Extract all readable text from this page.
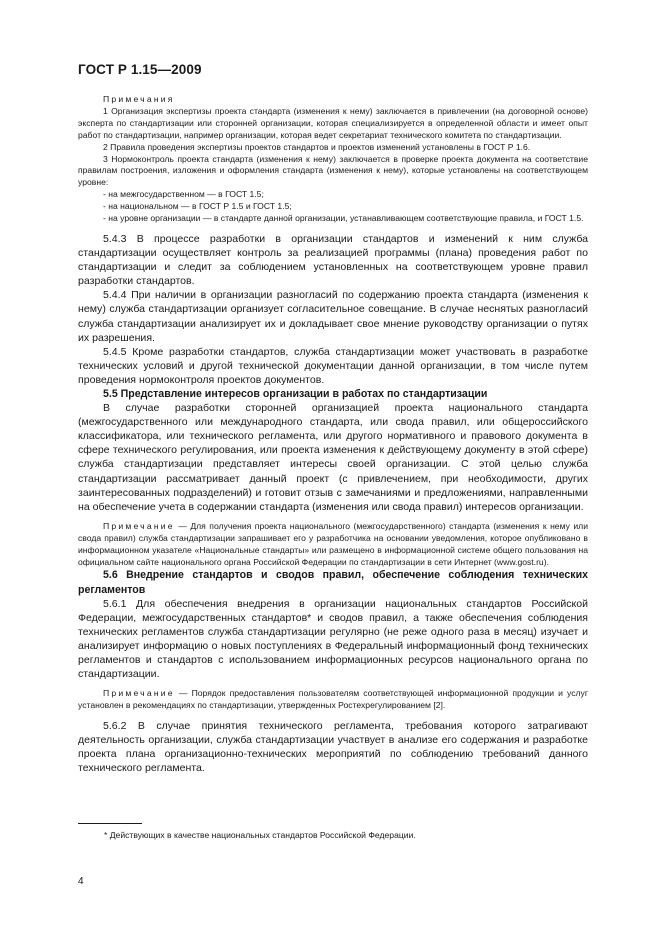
ГОСТ Р 1.15—2009

Примечания

1 Организация экспертизы проекта стандарта (изменения к нему) заключается в привлечении (на договорной основе) эксперта по стандартизации или сторонней организации, которая специализируется в определенной области и имеет опыт работ по стандартизации, например организации, которая ведет секретариат технического комитета по стандартизации.

2 Правила проведения экспертизы проектов стандартов и проектов изменений установлены в ГОСТ Р 1.6.

3 Нормоконтроль проекта стандарта (изменения к нему) заключается в проверке проекта документа на соответствие правилам построения, изложения и оформления стандарта (изменения к нему), которые установлены на соответствующем уровне:

- на межгосударственном — в ГОСТ 1.5;

- на национальном — в ГОСТ Р 1.5 и ГОСТ 1.5;

- на уровне организации — в стандарте данной организации, устанавливающем соответствующие правила, и ГОСТ 1.5.

5.4.3 В процессе разработки в организации стандартов и изменений к ним служба стандартизации осуществляет контроль за реализацией программы (плана) проведения работ по стандартизации и следит за соблюдением установленных на соответствующем уровне правил разработки стандартов.

5.4.4 При наличии в организации разногласий по содержанию проекта стандарта (изменения к нему) служба стандартизации организует согласительное совещание. В случае неснятых разногласий служба стандартизации анализирует их и докладывает свое мнение руководству организации о путях их разрешения.

5.4.5 Кроме разработки стандартов, служба стандартизации может участвовать в разработке технических условий и другой технической документации данной организации, в том числе путем проведения нормоконтроля проектов документов.

5.5 Представление интересов организации в работах по стандартизации

В случае разработки сторонней организацией проекта национального стандарта (межгосударственного или международного стандарта, или свода правил, или общероссийского классификатора, или технического регламента, или другого нормативного и правового документа в сфере технического регулирования, или проекта изменения к действующему документу в этой сфере) служба стандартизации представляет интересы своей организации. С этой целью служба стандартизации рассматривает данный проект (с привлечением, при необходимости, других заинтересованных подразделений) и готовит отзыв с замечаниями и предложениями, направленными на обеспечение учета в содержании стандарта (изменения или свода правил) интересов организации.

Примечание — Для получения проекта национального (межгосударственного) стандарта (изменения к нему или свода правил) служба стандартизации запрашивает его у разработчика на основании уведомления, которое опубликовано в информационном указателе «Национальные стандарты» или размещено в информационной системе общего пользования на официальном сайте национального органа Российской Федерации по стандартизации в сети Интернет (www.gost.ru).

5.6 Внедрение стандартов и сводов правил, обеспечение соблюдения технических регламентов

5.6.1 Для обеспечения внедрения в организации национальных стандартов Российской Федерации, межгосударственных стандартов* и сводов правил, а также обеспечения соблюдения технических регламентов служба стандартизации регулярно (не реже одного раза в месяц) изучает и анализирует информацию о новых поступлениях в Федеральный информационный фонд технических регламентов и стандартов с использованием информационных ресурсов национального органа по стандартизации.

Примечание — Порядок предоставления пользователям соответствующей информационной продукции и услуг установлен в рекомендациях по стандартизации, утвержденных Ростехрегулированием [2].

5.6.2 В случае принятия технического регламента, требования которого затрагивают деятельность организации, служба стандартизации участвует в анализе его содержания и разработке проекта плана организационно-технических мероприятий по соблюдению требований данного технического регламента.

* Действующих в качестве национальных стандартов Российской Федерации.
4
